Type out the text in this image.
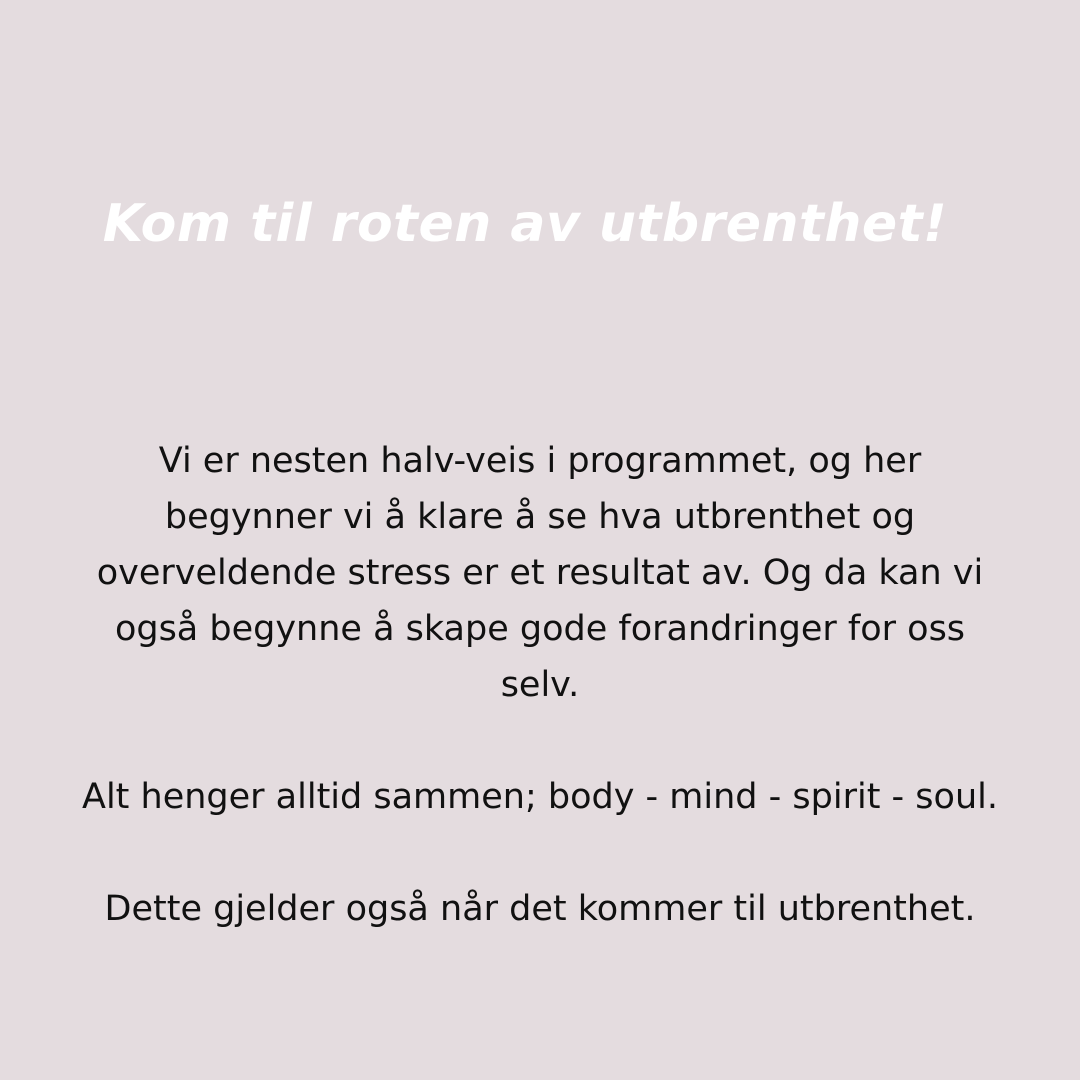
Kom til roten av utbrenthet!

Vi er nesten halv-veis i programmet, og her begynner vi å klare å se hva utbrenthet og overveldende stress er et resultat av. Og da kan vi også begynne å skape gode forandringer for oss selv.

Alt henger alltid sammen; body - mind - spirit - soul.

Dette gjelder også når det kommer til utbrenthet.
